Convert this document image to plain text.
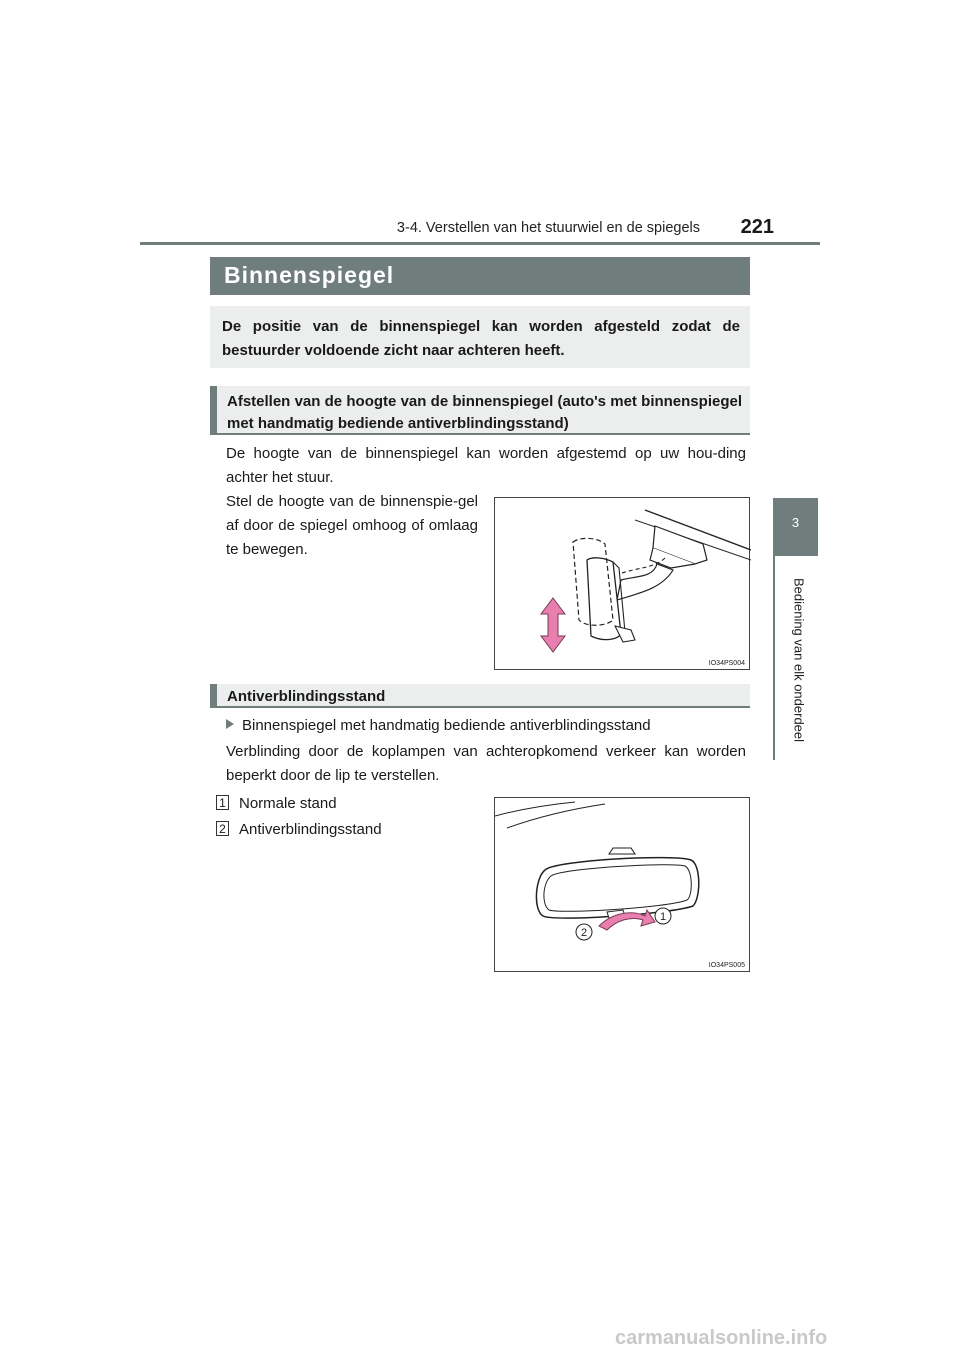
3-4. Verstellen van het stuurwiel en de spiegels	221
3
Bediening van elk onderdeel
Binnenspiegel

De positie van de binnenspiegel kan worden afgesteld zodat de bestuurder voldoende zicht naar achteren heeft.

Afstellen van de hoogte van de binnenspiegel (auto's met binnenspiegel met handmatig bediende antiverblindingsstand)

De hoogte van de binnenspiegel kan worden afgestemd op uw hou-ding achter het stuur.

Stel de hoogte van de binnenspie-gel af door de spiegel omhoog of omlaag te bewegen.

IO34PS004

Antiverblindingsstand

Binnenspiegel met handmatig bediende antiverblindingsstand

Verblinding door de koplampen van achteropkomend verkeer kan worden beperkt door de lip te verstellen.

1 Normale stand
2 Antiverblindingsstand
1
2
IO34PS005
carmanualsonline.info
